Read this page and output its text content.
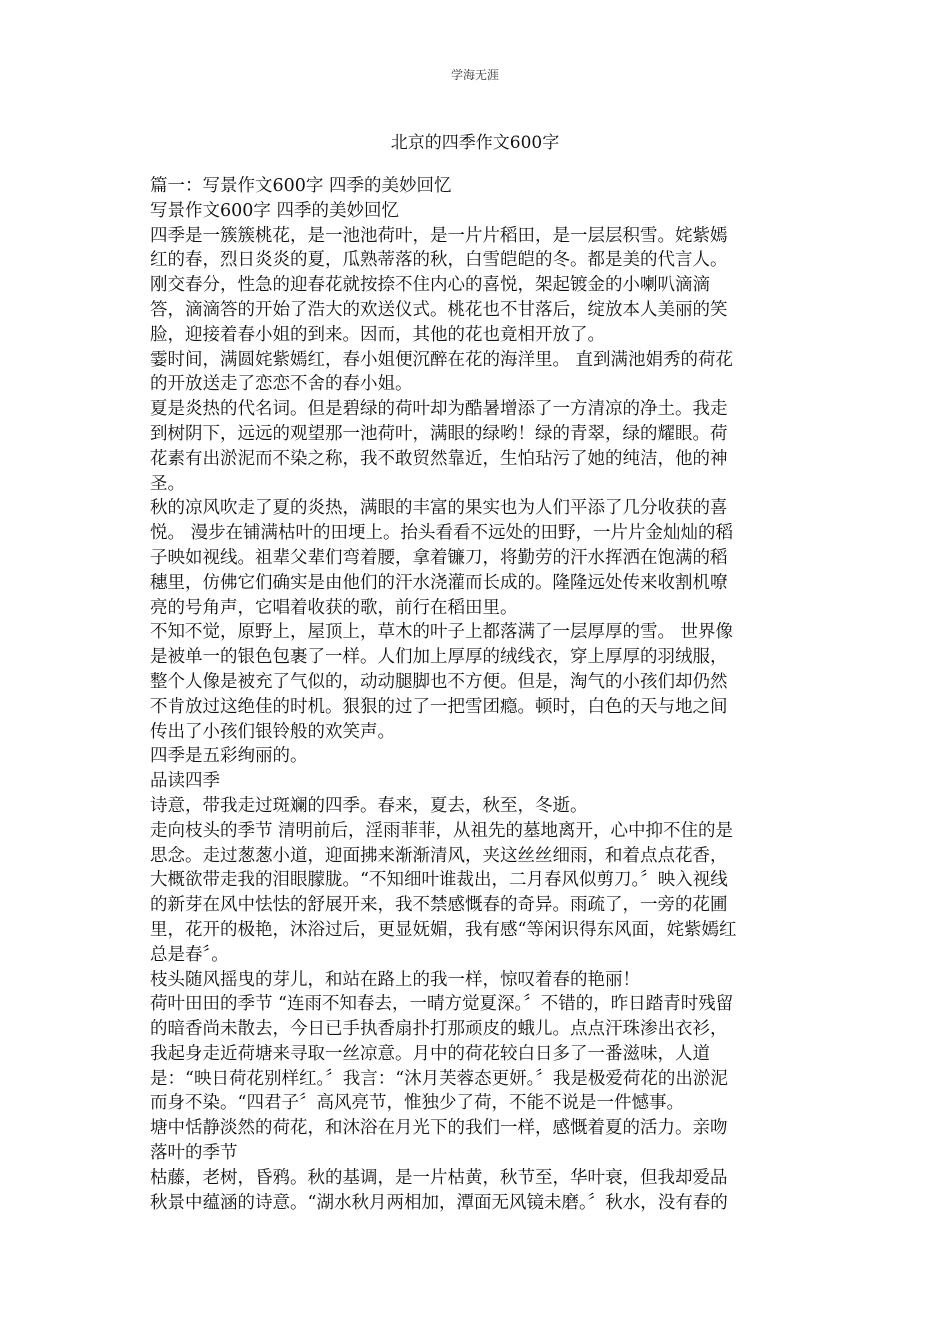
学海无涯
北京的四季作文600字
篇一：写景作文600字 四季的美妙回忆
写景作文600字 四季的美妙回忆
四季是一簇簇桃花，是一池池荷叶，是一片片稻田，是一层层积雪。姹紫嫣
红的春，烈日炎炎的夏，瓜熟蒂落的秋，白雪皑皑的冬。都是美的代言人。
刚交春分，性急的迎春花就按捺不住内心的喜悦，架起镀金的小喇叭滴滴
答，滴滴答的开始了浩大的欢送仪式。桃花也不甘落后，绽放本人美丽的笑
脸，迎接着春小姐的到来。因而，其他的花也竟相开放了。
霎时间，满圆姹紫嫣红，春小姐便沉醉在花的海洋里。 直到满池娟秀的荷花
的开放送走了恋恋不舍的春小姐。
夏是炎热的代名词。但是碧绿的荷叶却为酷暑增添了一方清凉的净土。我走
到树阴下，远远的观望那一池荷叶，满眼的绿哟！绿的青翠，绿的耀眼。荷
花素有出淤泥而不染之称，我不敢贸然靠近，生怕玷污了她的纯洁，他的神
圣。
秋的凉风吹走了夏的炎热，满眼的丰富的果实也为人们平添了几分收获的喜
悦。 漫步在铺满枯叶的田埂上。抬头看看不远处的田野，一片片金灿灿的稻
子映如视线。祖辈父辈们弯着腰，拿着镰刀，将勤劳的汗水挥洒在饱满的稻
穗里，仿佛它们确实是由他们的汗水浇灌而长成的。隆隆远处传来收割机嘹
亮的号角声，它唱着收获的歌，前行在稻田里。
不知不觉，原野上，屋顶上，草木的叶子上都落满了一层厚厚的雪。 世界像
是被单一的银色包裹了一样。人们加上厚厚的绒线衣，穿上厚厚的羽绒服，
整个人像是被充了气似的，动动腿脚也不方便。但是，淘气的小孩们却仍然
不肯放过这绝佳的时机。狠狠的过了一把雪团瘾。顿时，白色的天与地之间
传出了小孩们银铃般的欢笑声。
四季是五彩绚丽的。
品读四季
诗意，带我走过斑斓的四季。春来，夏去，秋至，冬逝。
走向枝头的季节 清明前后，淫雨菲菲，从祖先的墓地离开，心中抑不住的是
思念。走过葱葱小道，迎面拂来渐渐清风，夹这丝丝细雨，和着点点花香，
大概欲带走我的泪眼朦胧。“不知细叶谁裁出，二月春风似剪刀。〞映入视线
的新芽在风中怯怯的舒展开来，我不禁感慨春的奇异。雨疏了，一旁的花圃
里，花开的极艳，沐浴过后，更显妩媚，我有感“等闲识得东风面，姹紫嫣红
总是春〞。
枝头随风摇曳的芽儿，和站在路上的我一样，惊叹着春的艳丽！
荷叶田田的季节 “连雨不知春去，一晴方觉夏深。〞不错的，昨日踏青时残留
的暗香尚未散去，今日已手执香扇扑打那顽皮的蛾儿。点点汗珠渗出衣衫，
我起身走近荷塘来寻取一丝凉意。月中的荷花较白日多了一番滋味，人道
是：“映日荷花别样红。〞我言：“沐月芙蓉态更妍。〞我是极爱荷花的出淤泥
而身不染。“四君子〞高风亮节，惟独少了荷，不能不说是一件憾事。
塘中恬静淡然的荷花，和沐浴在月光下的我们一样，感慨着夏的活力。亲吻
落叶的季节
枯藤，老树，昏鸦。秋的基调，是一片枯黄，秋节至，华叶衰，但我却爱品
秋景中蕴涵的诗意。“湖水秋月两相加，潭面无风镜未磨。〞秋水，没有春的
